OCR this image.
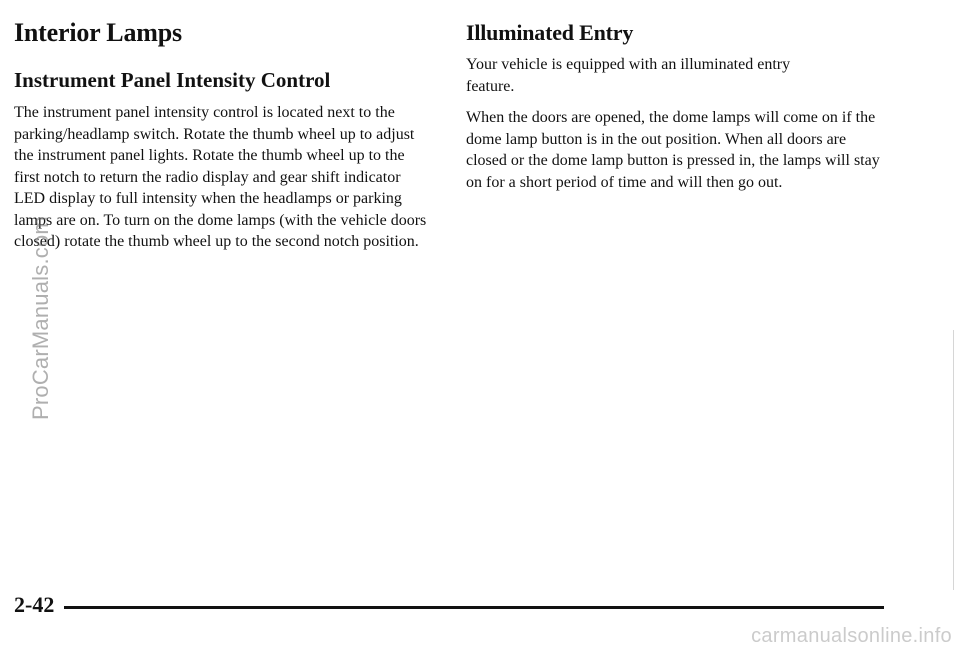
Interior Lamps
Instrument Panel Intensity Control

The instrument panel intensity control is located next to the parking/headlamp switch. Rotate the thumb wheel up to adjust the instrument panel lights. Rotate the thumb wheel up to the first notch to return the radio display and gear shift indicator LED display to full intensity when the headlamps or parking lamps are on. To turn on the dome lamps (with the vehicle doors closed) rotate the thumb wheel up to the second notch position.

Illuminated Entry

Your vehicle is equipped with an illuminated entry feature.

When the doors are opened, the dome lamps will come on if the dome lamp button is in the out position. When all doors are closed or the dome lamp button is pressed in, the lamps will stay on for a short period of time and will then go out.

ProCarManuals.com
2-42
carmanualsonline.info
